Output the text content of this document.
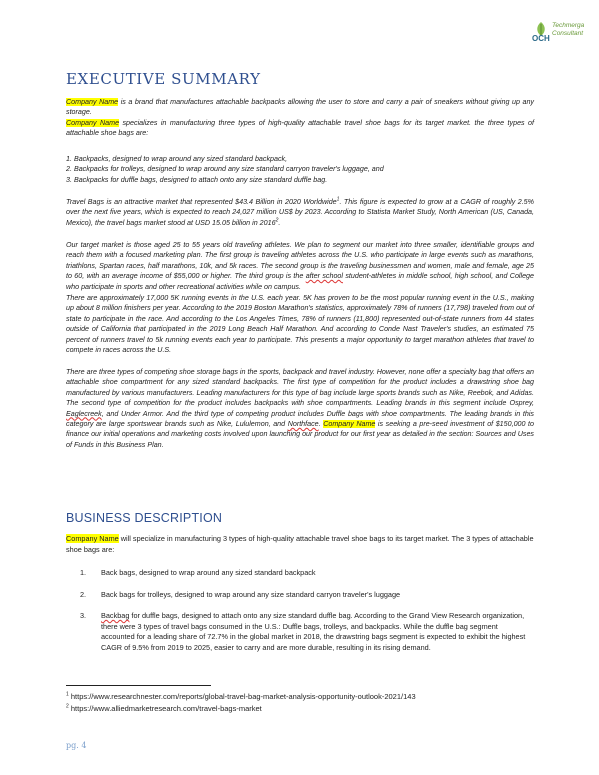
Techmerga
Consultant
OCH
EXECUTIVE SUMMARY
Company Name is a brand that manufactures attachable backpacks allowing the user to store and carry a pair of sneakers without giving up any storage.
Company Name specializes in manufacturing three types of high-quality attachable travel shoe bags for its target market. the three types of attachable shoe bags are:
1. Backpacks, designed to wrap around any sized standard backpack,
2. Backpacks for trolleys, designed to wrap around any size standard carryon traveler's luggage, and
3. Backpacks for duffle bags, designed to attach onto any size standard duffle bag.
Travel Bags is an attractive market that represented $43.4 Billion in 2020 Worldwide$^1$. This figure is expected to grow at a CAGR of roughly 2.5% over the next five years, which is expected to reach 24,027 million US$ by 2023. According to Statista Market Study, North American (US, Canada, Mexico), the travel bags market stood at USD 15.05 billion in 2016$^2$.
Our target market is those aged 25 to 55 years old traveling athletes. We plan to segment our market into three smaller, identifiable groups and reach them with a focused marketing plan. The first group is traveling athletes across the U.S. who participate in large events such as marathons, triathlons, Spartan races, half marathons, 10k, and 5k races. The second group is the traveling businessmen and women, male and female, age 25 to 60, with an average income of $55,000 or higher. The third group is the after school student-athletes in middle school, high school, and College who participate in sports and other recreational activities while on campus.
There are approximately 17,000 5K running events in the U.S. each year. 5K has proven to be the most popular running event in the U.S., making up about 8 million finishers per year. According to the 2019 Boston Marathon's statistics, approximately 78% of runners (17,798) traveled from out of state to participate in the race. And according to the Los Angeles Times, 78% of runners (11,800) represented out-of-state runners from 44 states outside of California that participated in the 2019 Long Beach Half Marathon. And according to Conde Nast Traveler's studies, an estimated 75 percent of runners travel to 5k running events each year to participate. This presents a major opportunity to target marathon athletes that travel to compete in races across the U.S.
There are three types of competing shoe storage bags in the sports, backpack and travel industry. However, none offer a specialty bag that offers an attachable shoe compartment for any sized standard backpacks. The first type of competition for the product includes a drawstring shoe bag manufactured by various manufacturers. Leading manufacturers for this type of bag include large sports brands such as Nike, Reebok, and Adidas. The second type of competition for the product includes backpacks with shoe compartments. Leading brands in this segment include Osprey, Eaglecreek, and Under Armor. And the third type of competing product includes Duffle bags with shoe compartments. The leading brands in this category are large sportswear brands such as Nike, Lululemon, and Northface. Company Name is seeking a pre-seed investment of $150,000 to finance our initial operations and marketing costs involved upon launching our product for our first year as detailed in the section: Sources and Uses of Funds in this Business Plan.
BUSINESS DESCRIPTION
Company Name will specialize in manufacturing 3 types of high-quality attachable travel shoe bags to its target market. The 3 types of attachable shoe bags are:
1. Back bags, designed to wrap around any sized standard backpack
2. Back bags for trolleys, designed to wrap around any size standard carryon traveler's luggage
3. Backbag for duffle bags, designed to attach onto any size standard duffle bag. According to the Grand View Research organization, there were 3 types of travel bags consumed in the U.S.: Duffle bags, trolleys, and backpacks. While the duffle bag segment accounted for a leading share of 72.7% in the global market in 2018, the drawstring bags segment is expected to exhibit the highest CAGR of 9.5% from 2019 to 2025, easier to carry and are more durable, resulting in its rising demand.
$^1$ https://www.researchnester.com/reports/global-travel-bag-market-analysis-opportunity-outlook-2021/143
$^2$ https://www.alliedmarketresearch.com/travel-bags-market
pg. 4
